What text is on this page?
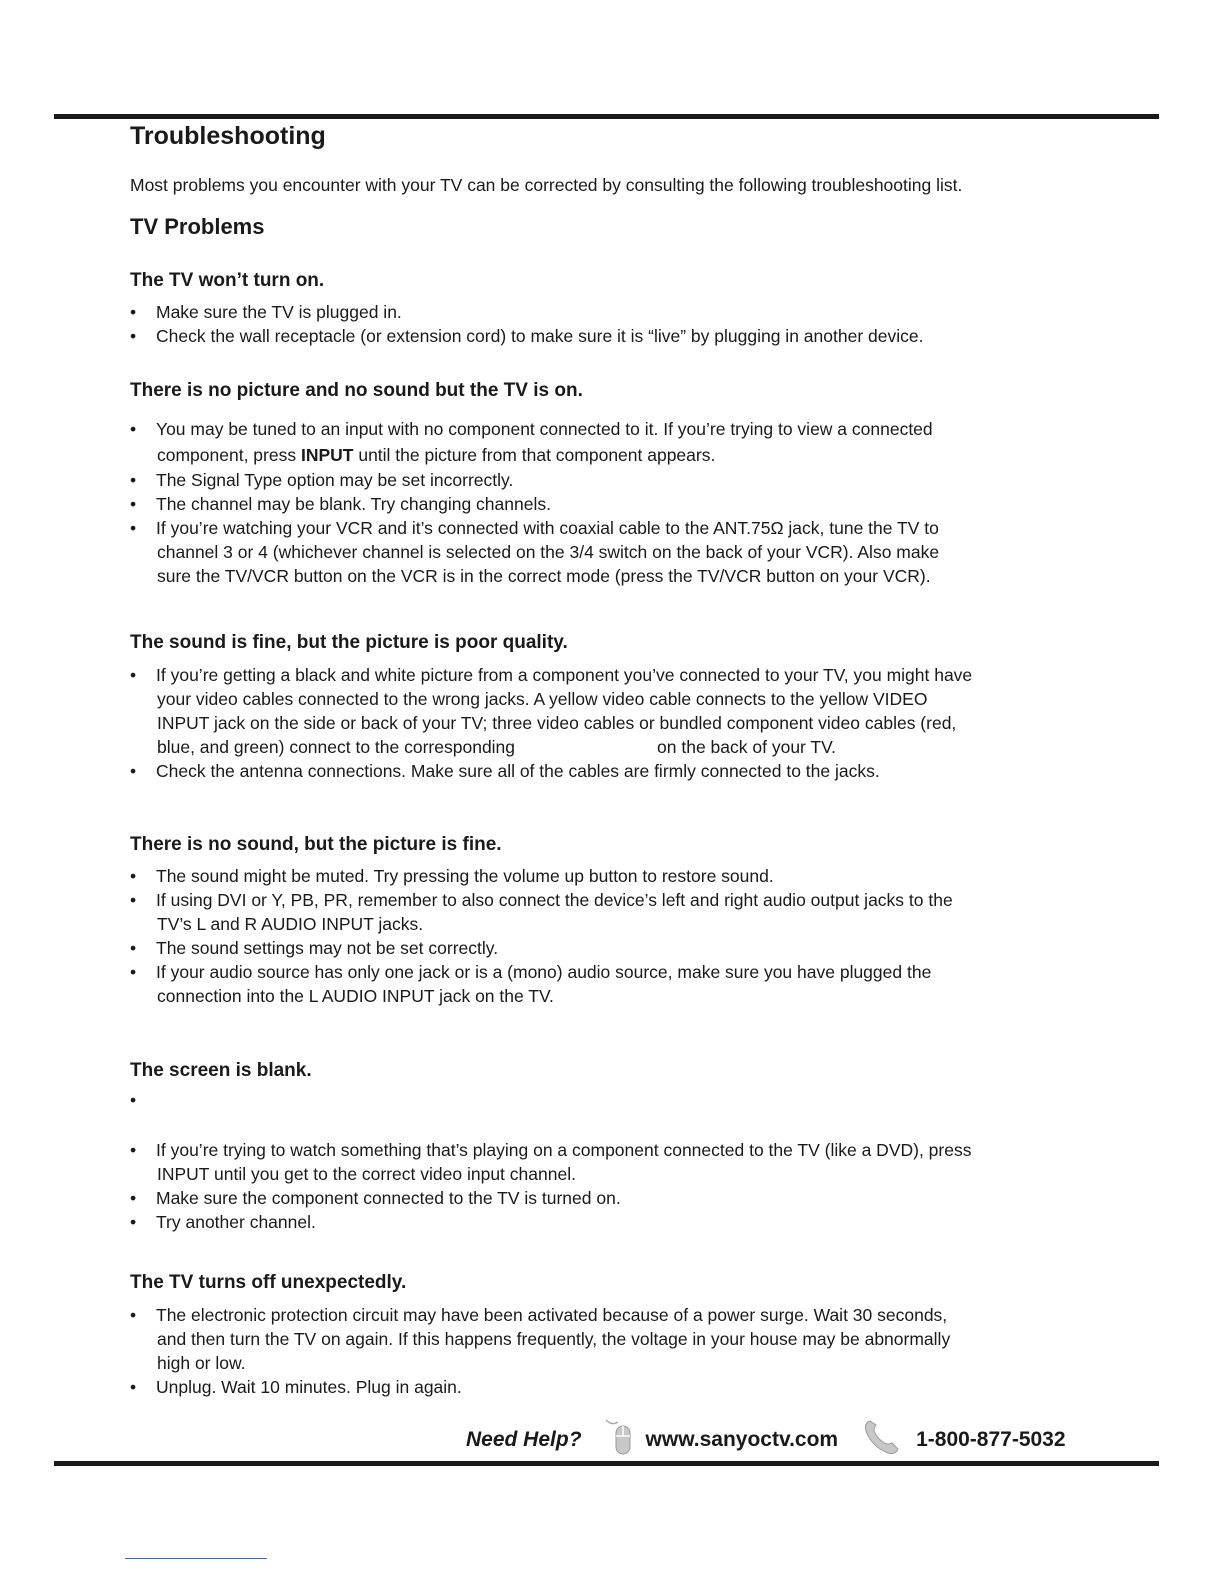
Troubleshooting

Most problems you encounter with your TV can be corrected by consulting the following troubleshooting list.

TV Problems
The TV won’t turn on.
• Make sure the TV is plugged in.
• Check the wall receptacle (or extension cord) to make sure it is “live” by plugging in another device.
There is no picture and no sound but the TV is on.
• You may be tuned to an input with no component connected to it. If you’re trying to view a connected
component, press INPUT until the picture from that component appears.
• The Signal Type option may be set incorrectly.
• The channel may be blank. Try changing channels.
• If you’re watching your VCR and it’s connected with coaxial cable to the ANT.75Ω jack, tune the TV to
channel 3 or 4 (whichever channel is selected on the 3/4 switch on the back of your VCR). Also make
sure the TV/VCR button on the VCR is in the correct mode (press the TV/VCR button on your VCR).
The sound is fine, but the picture is poor quality.
• If you’re getting a black and white picture from a component you’ve connected to your TV, you might have
your video cables connected to the wrong jacks. A yellow video cable connects to the yellow VIDEO
INPUT jack on the side or back of your TV; three video cables or bundled component video cables (red,
blue, and green) connect to the corresponding	on the back of your TV.
• Check the antenna connections. Make sure all of the cables are firmly connected to the jacks.
There is no sound, but the picture is fine.
• The sound might be muted. Try pressing the volume up button to restore sound.
• If using DVI or Y, PB, PR, remember to also connect the device’s left and right audio output jacks to the
TV’s L and R AUDIO INPUT jacks.
• The sound settings may not be set correctly.
• If your audio source has only one jack or is a (mono) audio source, make sure you have plugged the
connection into the L AUDIO INPUT jack on the TV.
The screen is blank.
•
• If you’re trying to watch something that’s playing on a component connected to the TV (like a DVD), press
INPUT until you get to the correct video input channel.
• Make sure the component connected to the TV is turned on.
• Try another channel.
The TV turns off unexpectedly.
• The electronic protection circuit may have been activated because of a power surge. Wait 30 seconds,
and then turn the TV on again. If this happens frequently, the voltage in your house may be abnormally
high or low.
• Unplug. Wait 10 minutes. Plug in again.
Need Help?	www.sanyoctv.com	1-800-877-5032
